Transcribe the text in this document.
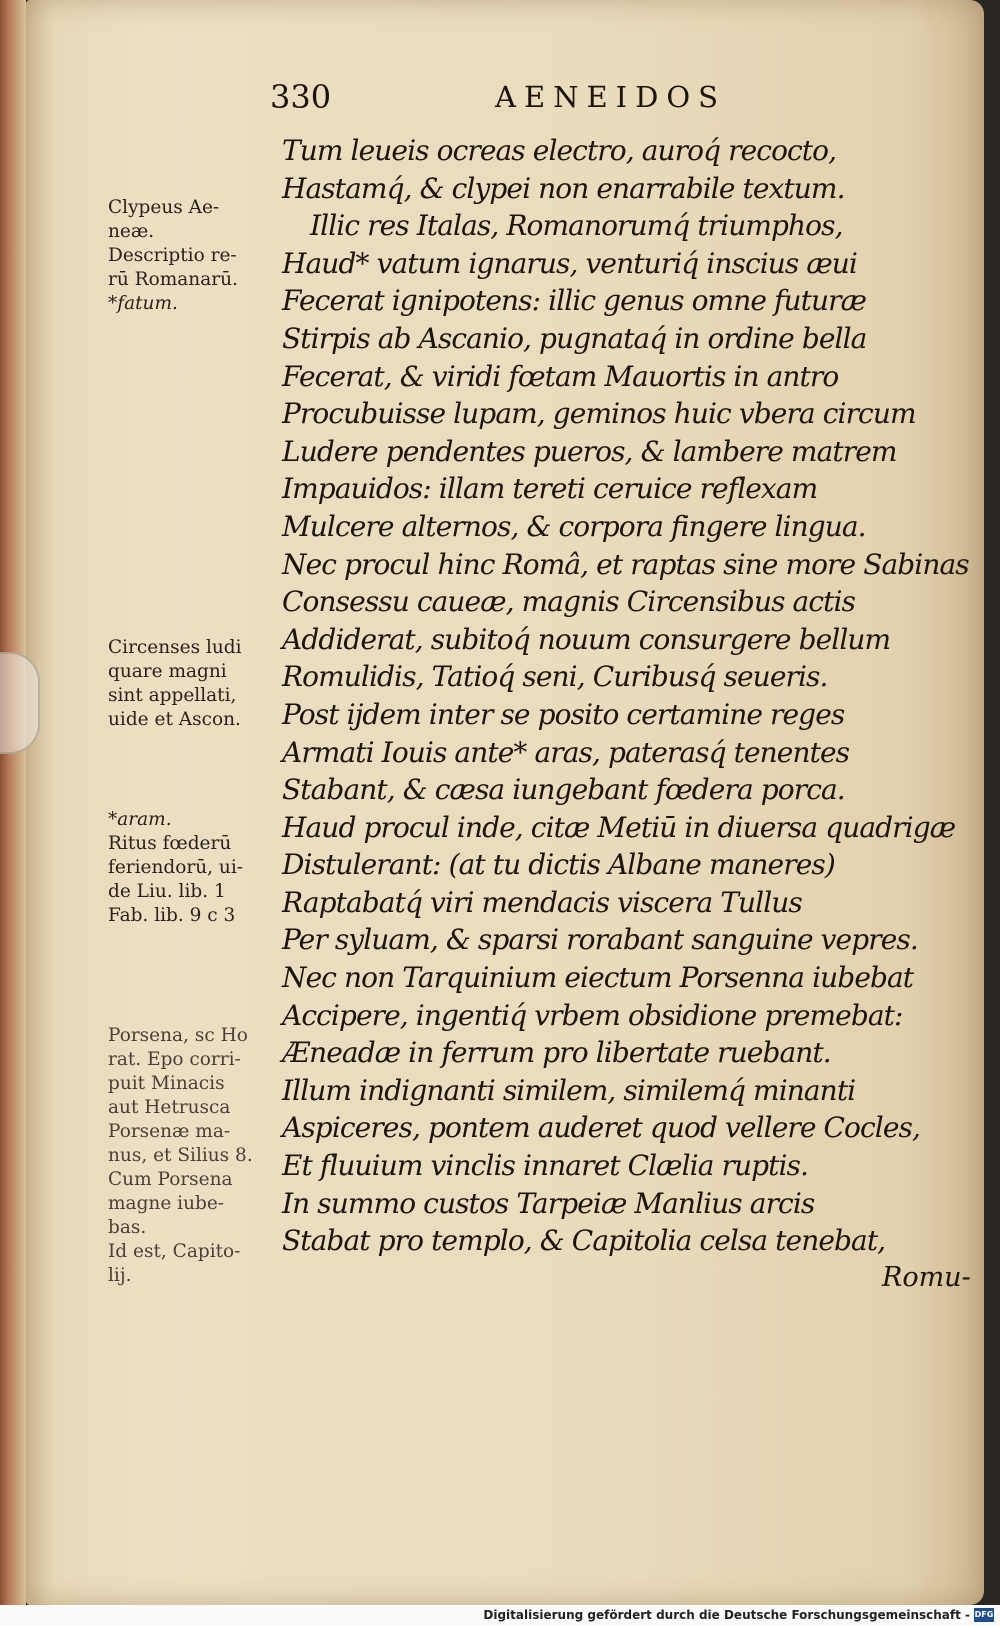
330	AENEIDOS
Clypeus Ae-
neæ.
Descriptio re-
rū Romanarū.
*fatum.
Circenses ludi
quare magni
sint appellati,
uide et Ascon.
*aram.
Ritus fœderū
feriendorū, ui-
de Liu. lib. 1
Fab. lib. 9 c 3
Porsena, sc Ho
rat. Epo corri-
puit Minacis
aut Hetrusca
Porsenæ ma-
nus, et Silius 8.
Cum Porsena
magne iube-
bas.
Id est, Capito-
lij.
Tum leueis ocreas electro, auroq́ recocto,
Hastamq́, & clypei non enarrabile textum.
Illic res Italas, Romanorumq́ triumphos,
Haud* vatum ignarus, venturiq́ inscius æui
Fecerat ignipotens: illic genus omne futuræ
Stirpis ab Ascanio, pugnataq́ in ordine bella
Fecerat, & viridi fœtam Mauortis in antro
Procubuisse lupam, geminos huic vbera circum
Ludere pendentes pueros, & lambere matrem
Impauidos: illam tereti ceruice reflexam
Mulcere alternos, & corpora fingere lingua.
Nec procul hinc Româ, et raptas sine more Sabinas
Consessu caueæ, magnis Circensibus actis
Addiderat, subitoq́ nouum consurgere bellum
Romulidis, Tatioq́ seni, Curibusq́ seueris.
Post ijdem inter se posito certamine reges
Armati Iouis ante* aras, paterasq́ tenentes
Stabant, & cæsa iungebant fœdera porca.
Haud procul inde, citæ Metiū in diuersa quadrigæ
Distulerant: (at tu dictis Albane maneres)
Raptabatq́ viri mendacis viscera Tullus
Per syluam, & sparsi rorabant sanguine vepres.
Nec non Tarquinium eiectum Porsenna iubebat
Accipere, ingentiq́ vrbem obsidione premebat:
Æneadæ in ferrum pro libertate ruebant.
Illum indignanti similem, similemq́ minanti
Aspiceres, pontem auderet quod vellere Cocles,
Et fluuium vinclis innaret Clælia ruptis.
In summo custos Tarpeiæ Manlius arcis
Stabat pro templo, & Capitolia celsa tenebat,
Romu-
Digitalisierung gefördert durch die Deutsche Forschungsgemeinschaft - DFG
